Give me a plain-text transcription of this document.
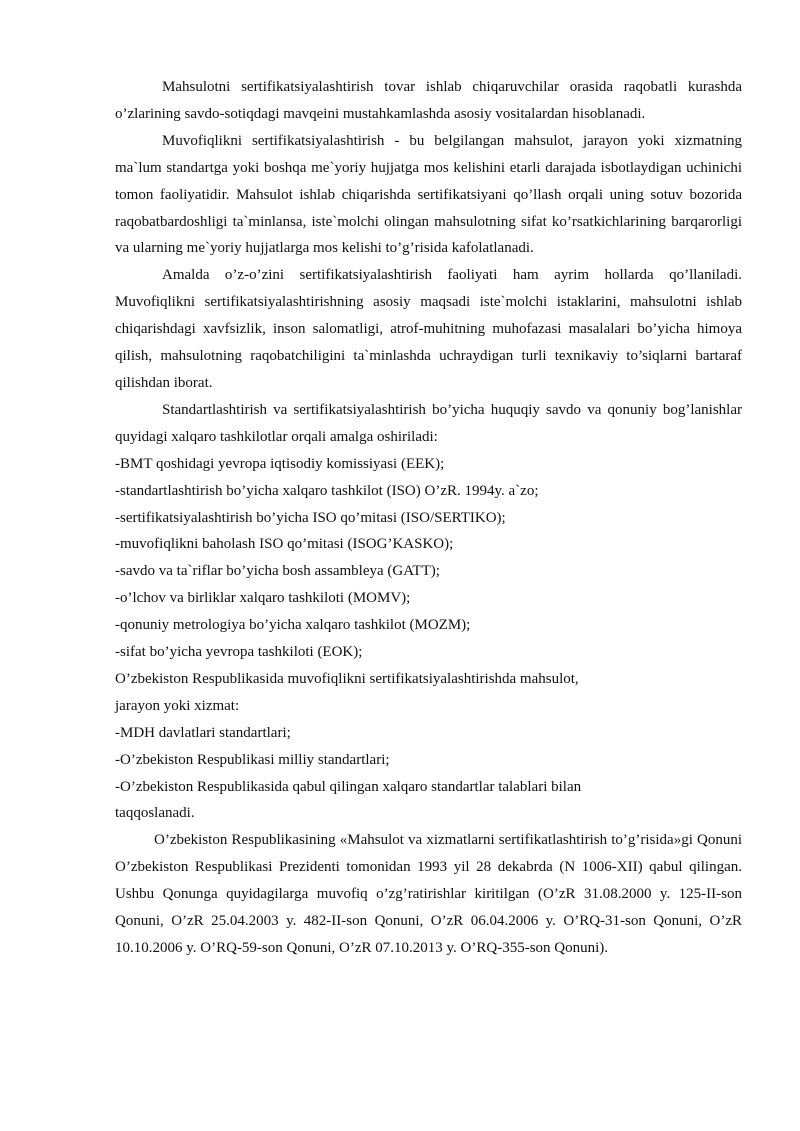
Mahsulotni sertifikatsiyalashtirish tovar ishlab chiqaruvchilar orasida raqobatli kurashda o’zlarining savdo-sotiqdagi mavqeini mustahkamlashda asosiy vositalardan hisoblanadi.

Muvofiqlikni sertifikatsiyalashtirish - bu belgilangan mahsulot, jarayon yoki xizmatning ma`lum standartga yoki boshqa me`yoriy hujjatga mos kelishini etarli darajada isbotlaydigan uchinichi tomon faoliyatidir. Mahsulot ishlab chiqarishda sertifikatsiyani qo’llash orqali uning sotuv bozorida raqobatbardoshligi ta`minlansa, iste`molchi olingan mahsulotning sifat ko’rsatkichlarining barqarorligi va ularning me`yoriy hujjatlarga mos kelishi to’g’risida kafolatlanadi.

Amalda o’z-o’zini sertifikatsiyalashtirish faoliyati ham ayrim hollarda qo’llaniladi. Muvofiqlikni sertifikatsiyalashtirishning asosiy maqsadi iste`molchi istaklarini, mahsulotni ishlab chiqarishdagi xavfsizlik, inson salomatligi, atrof-muhitning muhofazasi masalalari bo’yicha himoya qilish, mahsulotning raqobatchiligini ta`minlashda uchraydigan turli texnikaviy to’siqlarni bartaraf qilishdan iborat.

Standartlashtirish va sertifikatsiyalashtirish bo’yicha huquqiy savdo va qonuniy bog’lanishlar quyidagi xalqaro tashkilotlar orqali amalga oshiriladi:

-BMT qoshidagi yevropa iqtisodiy komissiyasi (EEK);

-standartlashtirish bo’yicha xalqaro tashkilot (ISO) O’zR. 1994y. a`zo;

-sertifikatsiyalashtirish bo’yicha ISO qo’mitasi (ISO/SERTIKO);

-muvofiqlikni baholash ISO qo’mitasi (ISOG’KASKO);

-savdo va ta`riflar bo’yicha bosh assambleya (GATT);

-o’lchov va birliklar xalqaro tashkiloti (MOMV);

-qonuniy metrologiya bo’yicha xalqaro tashkilot (MOZM);

-sifat bo’yicha yevropa tashkiloti (EOK);

O’zbekiston Respublikasida muvofiqlikni sertifikatsiyalashtirishda mahsulot,

jarayon yoki xizmat:

-MDH davlatlari standartlari;

-O’zbekiston Respublikasi milliy standartlari;

-O’zbekiston Respublikasida qabul qilingan xalqaro standartlar talablari bilan

taqqoslanadi.

O’zbekiston Respublikasining «Mahsulot va xizmatlarni sertifikatlashtirish to’g’risida»gi Qonuni O’zbekiston Respublikasi Prezidenti tomonidan 1993 yil 28 dekabrda (N 1006-XII) qabul qilingan. Ushbu Qonunga quyidagilarga muvofiq o’zg’ratirishlar kiritilgan (O’zR 31.08.2000 y. 125-II-son Qonuni, O’zR 25.04.2003 y. 482-II-son Qonuni, O’zR 06.04.2006 y. O’RQ-31-son Qonuni, O’zR 10.10.2006 y. O’RQ-59-son Qonuni, O’zR 07.10.2013 y. O’RQ-355-son Qonuni).
